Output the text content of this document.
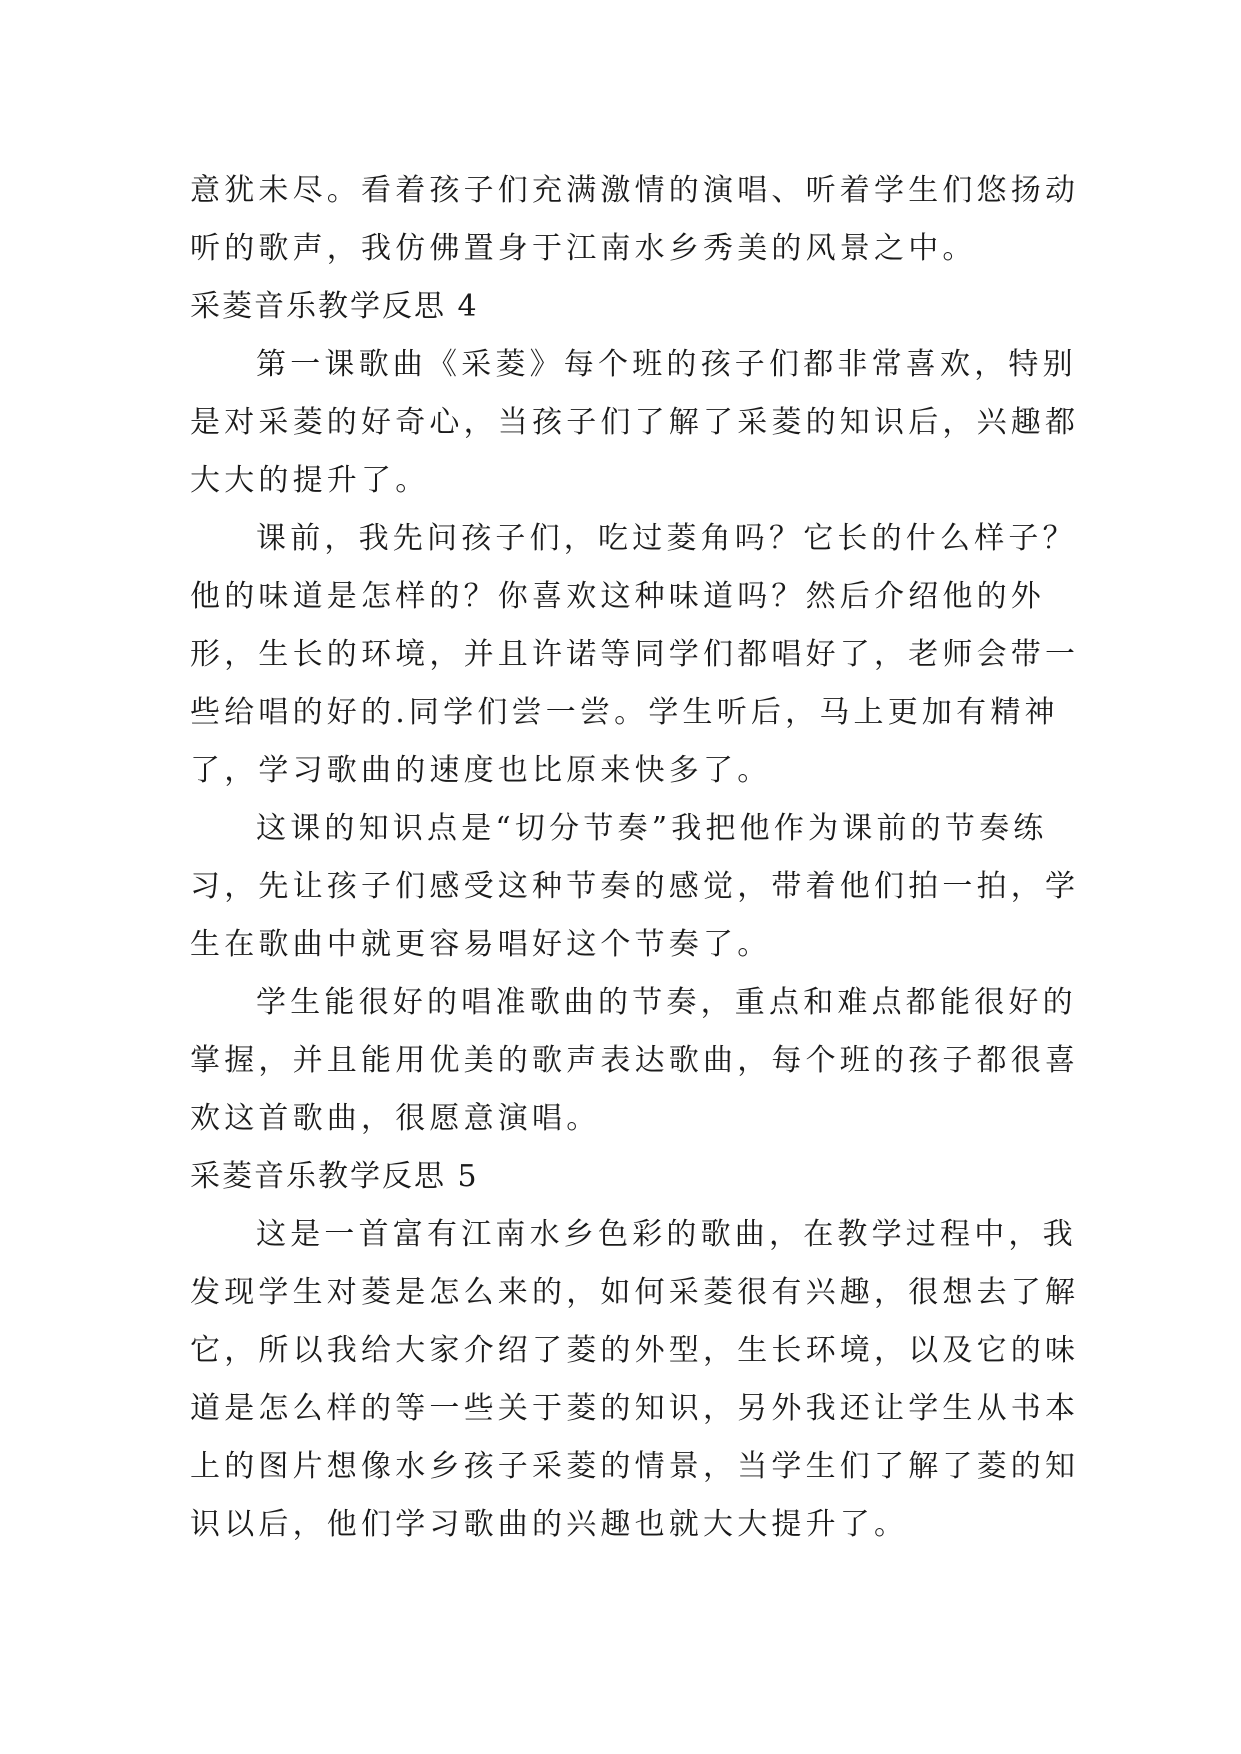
意犹未尽。看着孩子们充满激情的演唱、听着学生们悠扬动
听的歌声，我仿佛置身于江南水乡秀美的风景之中。
采菱音乐教学反思 4
第一课歌曲《采菱》每个班的孩子们都非常喜欢，特别
是对采菱的好奇心，当孩子们了解了采菱的知识后，兴趣都
大大的提升了。
课前，我先问孩子们，吃过菱角吗？它长的什么样子？
他的味道是怎样的？你喜欢这种味道吗？然后介绍他的外
形，生长的环境，并且许诺等同学们都唱好了，老师会带一
些给唱的好的.同学们尝一尝。学生听后，马上更加有精神
了，学习歌曲的速度也比原来快多了。
这课的知识点是“切分节奏”我把他作为课前的节奏练
习，先让孩子们感受这种节奏的感觉，带着他们拍一拍，学
生在歌曲中就更容易唱好这个节奏了。
学生能很好的唱准歌曲的节奏，重点和难点都能很好的
掌握，并且能用优美的歌声表达歌曲，每个班的孩子都很喜
欢这首歌曲，很愿意演唱。
采菱音乐教学反思 5
这是一首富有江南水乡色彩的歌曲，在教学过程中，我
发现学生对菱是怎么来的，如何采菱很有兴趣，很想去了解
它，所以我给大家介绍了菱的外型，生长环境，以及它的味
道是怎么样的等一些关于菱的知识，另外我还让学生从书本
上的图片想像水乡孩子采菱的情景，当学生们了解了菱的知
识以后，他们学习歌曲的兴趣也就大大提升了。
